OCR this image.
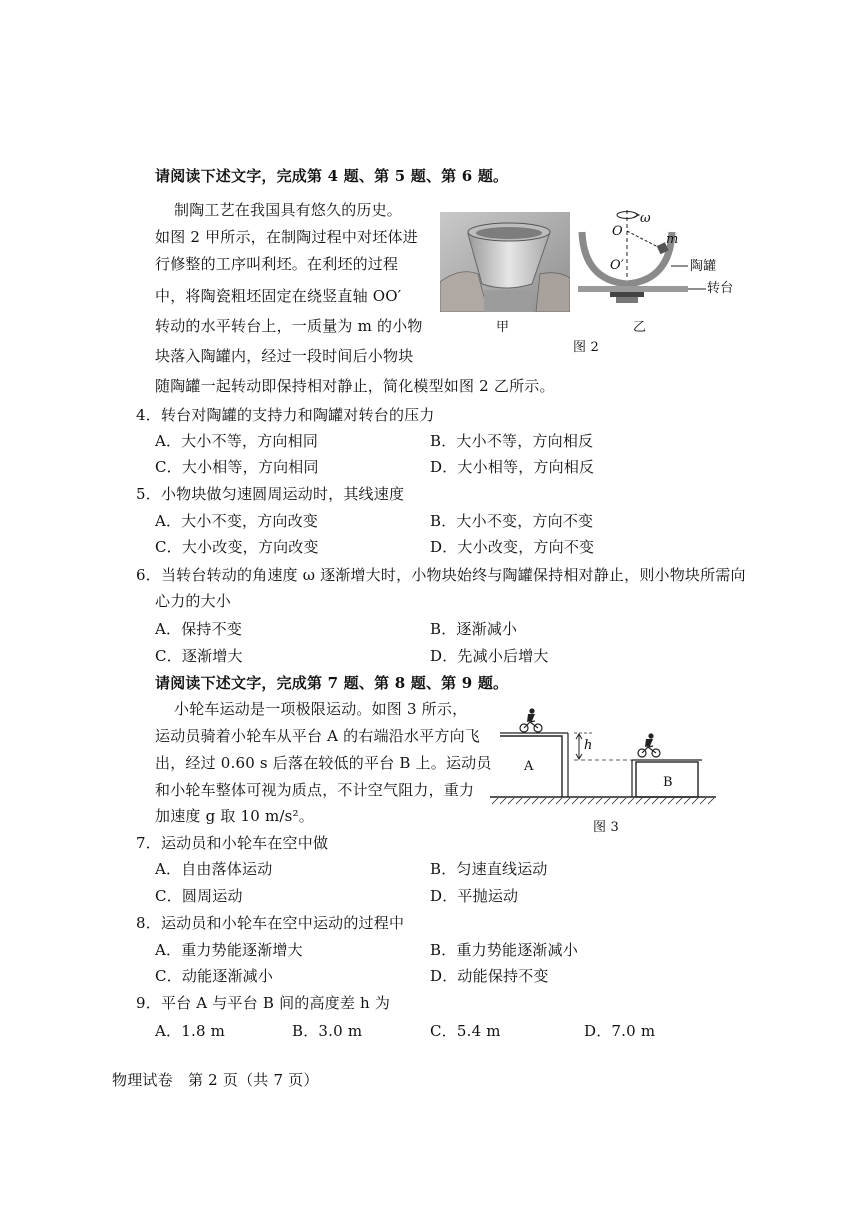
请阅读下述文字，完成第 4 题、第 5 题、第 6 题。
制陶工艺在我国具有悠久的历史。
如图 2 甲所示，在制陶过程中对坯体进
行修整的工序叫利坯。在利坯的过程
中，将陶瓷粗坯固定在绕竖直轴 OO′
转动的水平转台上，一质量为 m 的小物
块落入陶罐内，经过一段时间后小物块
随陶罐一起转动即保持相对静止，简化模型如图 2 乙所示。
甲
ω
O
m
O′	陶罐
转台
乙
图 2
4．转台对陶罐的支持力和陶罐对转台的压力
A．大小不等，方向相同	B．大小不等，方向相反
C．大小相等，方向相同	D．大小相等，方向相反
5．小物块做匀速圆周运动时，其线速度
A．大小不变，方向改变	B．大小不变，方向不变
C．大小改变，方向改变	D．大小改变，方向不变
6．当转台转动的角速度 ω 逐渐增大时，小物块始终与陶罐保持相对静止，则小物块所需向
心力的大小
A．保持不变	B．逐渐减小
C．逐渐增大	D．先减小后增大
请阅读下述文字，完成第 7 题、第 8 题、第 9 题。
小轮车运动是一项极限运动。如图 3 所示，
运动员骑着小轮车从平台 A 的右端沿水平方向飞
出，经过 0.60 s 后落在较低的平台 B 上。运动员
和小轮车整体可视为质点，不计空气阻力，重力
加速度 g 取 10 m/s²。
A
B
h
图 3
7．运动员和小轮车在空中做
A．自由落体运动	B．匀速直线运动
C．圆周运动	D．平抛运动
8．运动员和小轮车在空中运动的过程中
A．重力势能逐渐增大	B．重力势能逐渐减小
C．动能逐渐减小	D．动能保持不变
9．平台 A 与平台 B 间的高度差 h 为
A．1.8 m	B．3.0 m	C．5.4 m	D．7.0 m
物理试卷　第 2 页（共 7 页）
